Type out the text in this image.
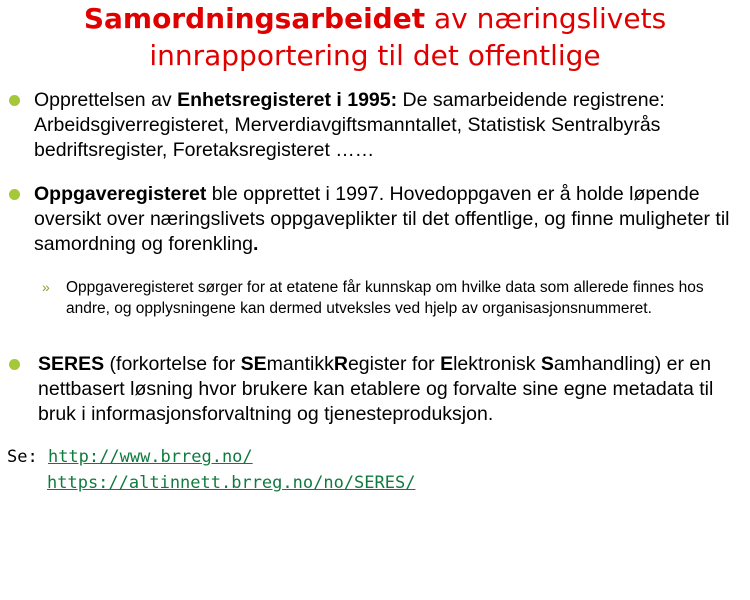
Samordningsarbeidet av næringslivets
innrapportering til det offentlige
Opprettelsen av Enhetsregisteret i 1995: De samarbeidende registrene: Arbeidsgiverregisteret, Merverdiavgiftsmanntallet, Statistisk Sentralbyrås bedriftsregister, Foretaksregisteret ……
Oppgaveregisteret ble opprettet i 1997. Hovedoppgaven er å holde løpende oversikt over næringslivets oppgaveplikter til det offentlige, og finne muligheter til samordning og forenkling.
» Oppgaveregisteret sørger for at etatene får kunnskap om hvilke data som allerede finnes hos andre, og opplysningene kan dermed utveksles ved hjelp av organisasjonsnummeret.
SERES (forkortelse for SEmantikkRegister for Elektronisk Samhandling) er en nettbasert løsning hvor brukere kan etablere og forvalte sine egne metadata til bruk i informasjonsforvaltning og tjenesteproduksjon.
Se: http://www.brreg.no/
https://altinnett.brreg.no/no/SERES/
